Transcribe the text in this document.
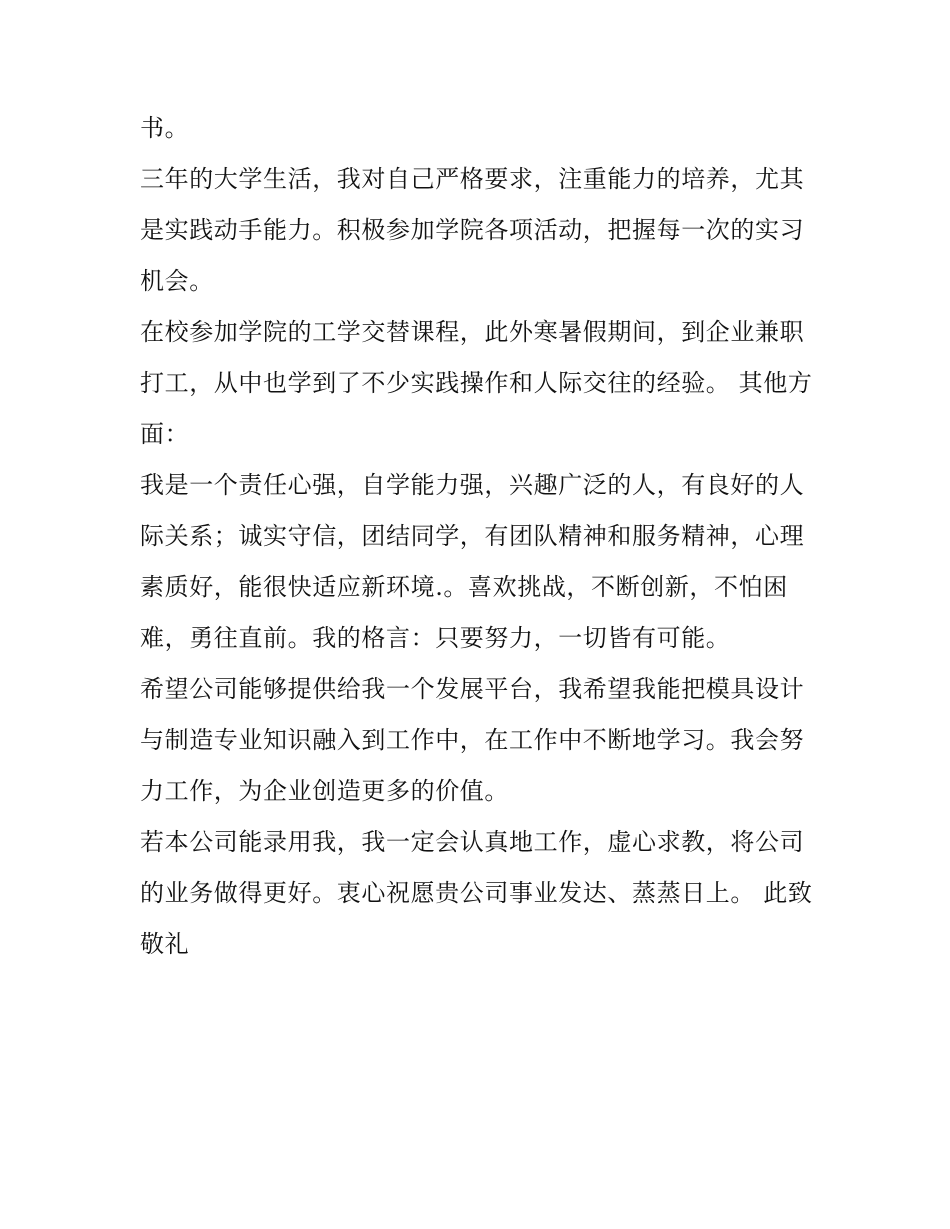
书。

三年的大学生活，我对自己严格要求，注重能力的培养，尤其是实践动手能力。积极参加学院各项活动，把握每一次的实习机会。

在校参加学院的工学交替课程，此外寒暑假期间，到企业兼职打工，从中也学到了不少实践操作和人际交往的经验。 其他方面：

我是一个责任心强，自学能力强，兴趣广泛的人，有良好的人际关系；诚实守信，团结同学，有团队精神和服务精神，心理素质好，能很快适应新环境.。喜欢挑战，不断创新，不怕困难，勇往直前。我的格言：只要努力，一切皆有可能。

希望公司能够提供给我一个发展平台，我希望我能把模具设计与制造专业知识融入到工作中，在工作中不断地学习。我会努力工作，为企业创造更多的价值。

若本公司能录用我，我一定会认真地工作，虚心求教，将公司的业务做得更好。衷心祝愿贵公司事业发达、蒸蒸日上。 此致 敬礼
